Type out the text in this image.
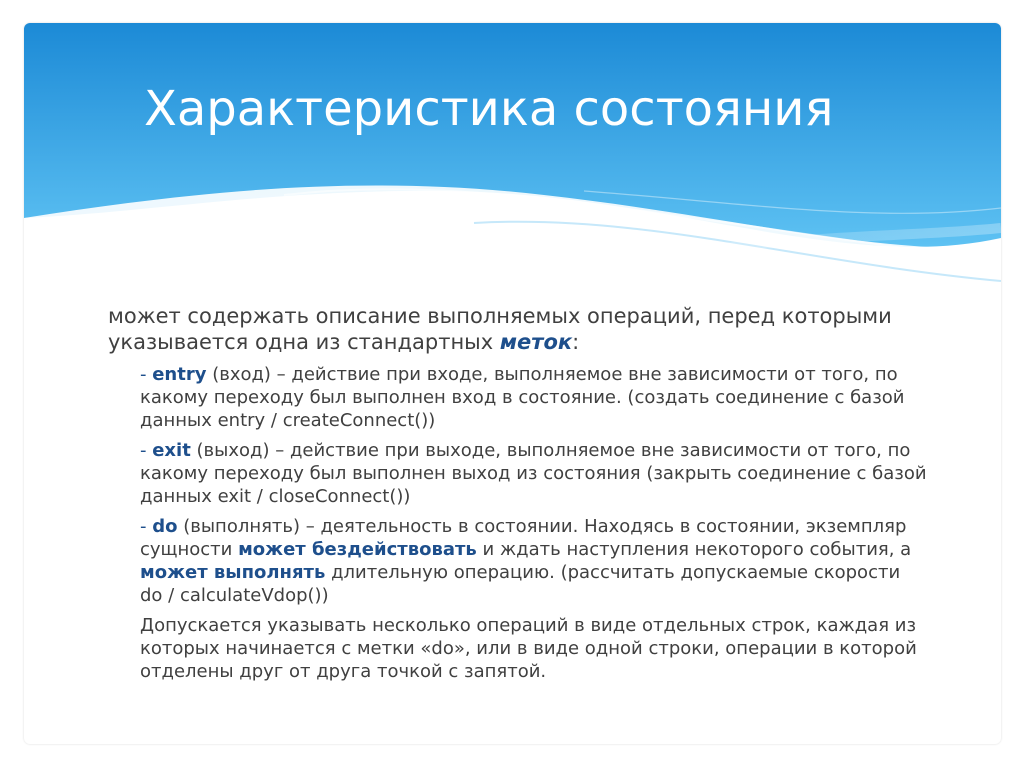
Характеристика состояния

может содержать описание выполняемых операций, перед которыми указывается одна из стандартных меток:

- entry (вход) – действие при входе, выполняемое вне зависимости от того, по какому переходу был выполнен вход в состояние. (создать соединение с базой данных entry / createConnect())
- exit (выход) – действие при выходе, выполняемое вне зависимости от того, по какому переходу был выполнен выход из состояния (закрыть соединение с базой данных exit / closeConnect())
- do (выполнять) – деятельность в состоянии. Находясь в состоянии, экземпляр сущности может бездействовать и ждать наступления некоторого события, а может выполнять длительную операцию. (рассчитать допускаемые скорости do / calculateVdop())
Допускается указывать несколько операций в виде отдельных строк, каждая из которых начинается с метки «do», или в виде одной строки, операции в которой отделены друг от друга точкой с запятой.
